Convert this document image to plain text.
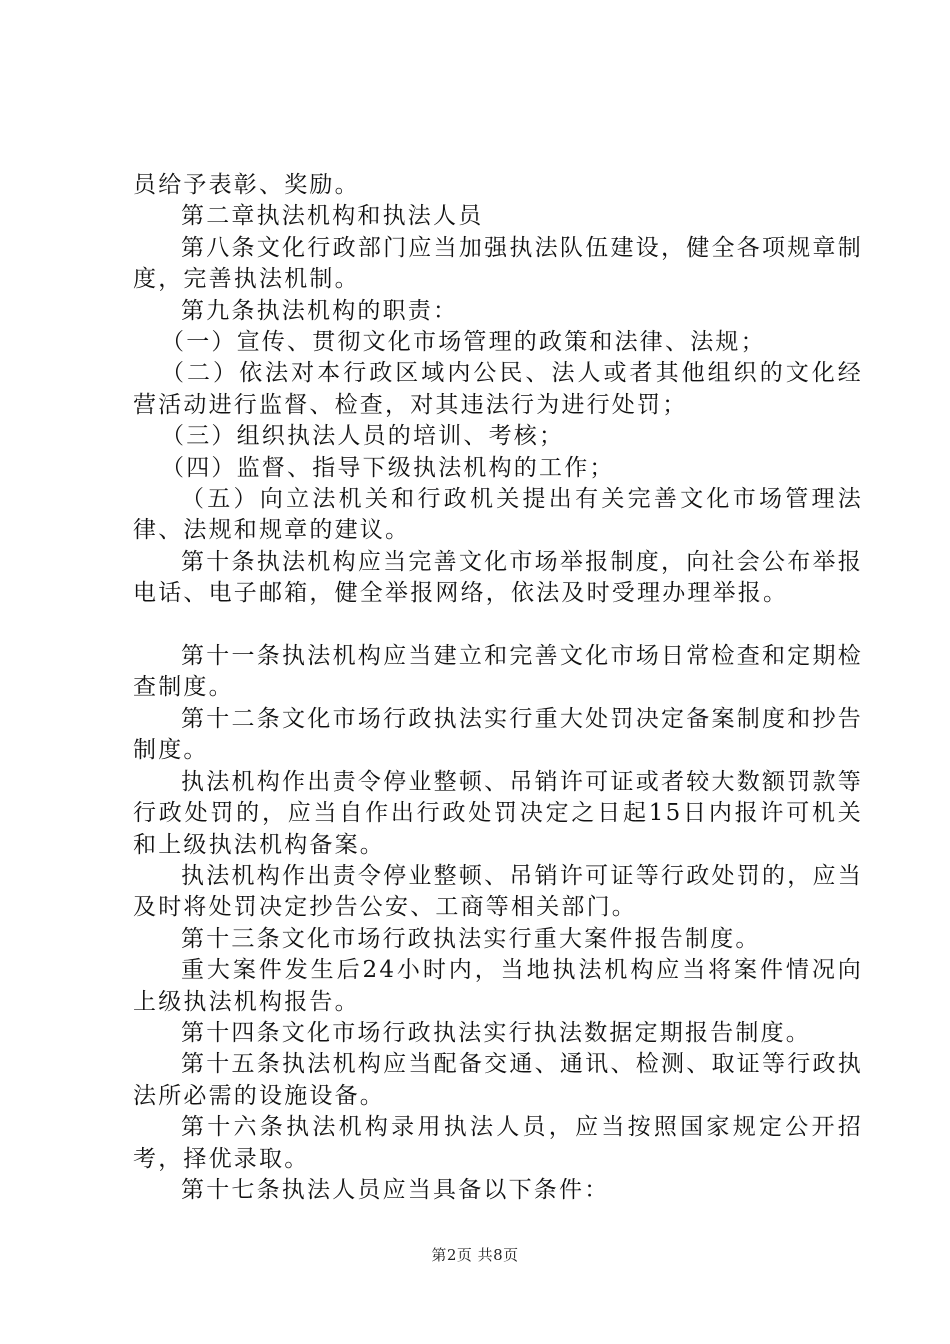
员给予表彰、奖励。

第二章执法机构和执法人员

第八条文化行政部门应当加强执法队伍建设，健全各项规章制度，完善执法机制。

第九条执法机构的职责：

（一）宣传、贯彻文化市场管理的政策和法律、法规；

（二）依法对本行政区域内公民、法人或者其他组织的文化经营活动进行监督、检查，对其违法行为进行处罚；

（三）组织执法人员的培训、考核；

（四）监督、指导下级执法机构的工作；

（五）向立法机关和行政机关提出有关完善文化市场管理法律、法规和规章的建议。

第十条执法机构应当完善文化市场举报制度，向社会公布举报电话、电子邮箱，健全举报网络，依法及时受理办理举报。

第十一条执法机构应当建立和完善文化市场日常检查和定期检查制度。

第十二条文化市场行政执法实行重大处罚决定备案制度和抄告制度。

执法机构作出责令停业整顿、吊销许可证或者较大数额罚款等行政处罚的，应当自作出行政处罚决定之日起15日内报许可机关和上级执法机构备案。

执法机构作出责令停业整顿、吊销许可证等行政处罚的，应当及时将处罚决定抄告公安、工商等相关部门。

第十三条文化市场行政执法实行重大案件报告制度。

重大案件发生后24小时内，当地执法机构应当将案件情况向上级执法机构报告。

第十四条文化市场行政执法实行执法数据定期报告制度。

第十五条执法机构应当配备交通、通讯、检测、取证等行政执法所必需的设施设备。

第十六条执法机构录用执法人员，应当按照国家规定公开招考，择优录取。

第十七条执法人员应当具备以下条件：

第2页 共8页
